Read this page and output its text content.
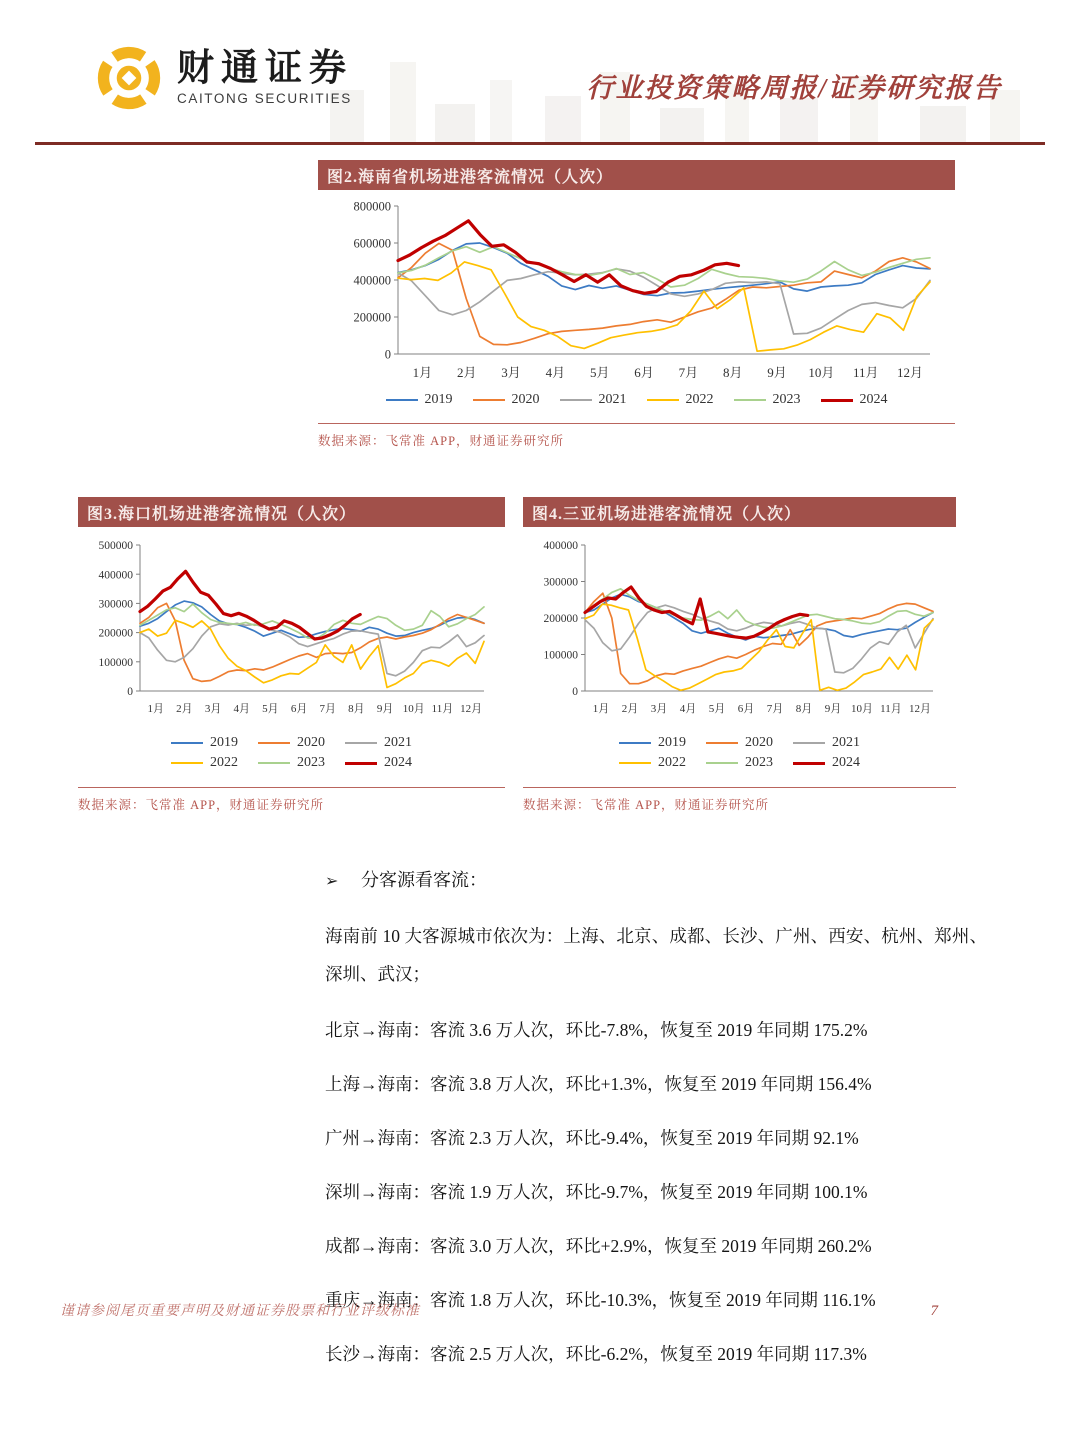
财通证券
CAITONG SECURITIES	行业投资策略周报/证券研究报告
图2.海南省机场进港客流情况（人次）
0
200000
400000
600000
800000
1月 2月 3月 4月 5月 6月 7月 8月 9月 10月 11月 12月
2019	2020	2021	2022	2023	2024
数据来源：飞常准 APP，财通证券研究所
图3.海口机场进港客流情况（人次）
0
100000
200000
300000
400000
500000
1月 2月 3月 4月 5月 6月 7月 8月 9月 10月 11月 12月
2019	2020	2021
2022	2023	2024
数据来源：飞常准 APP，财通证券研究所
图4.三亚机场进港客流情况（人次）
0
100000
200000
300000
400000
1月 2月 3月 4月 5月 6月 7月 8月 9月 10月 11月 12月
2019	2020	2021
2022	2023	2024
数据来源：飞常准 APP，财通证券研究所
➢ 分客源看客流：

海南前 10 大客源城市依次为：上海、北京、成都、长沙、广州、西安、杭州、郑州、深圳、武汉；

北京→海南：客流 3.6 万人次，环比-7.8%，恢复至 2019 年同期 175.2%

上海→海南：客流 3.8 万人次，环比+1.3%，恢复至 2019 年同期 156.4%

广州→海南：客流 2.3 万人次，环比-9.4%，恢复至 2019 年同期 92.1%

深圳→海南：客流 1.9 万人次，环比-9.7%，恢复至 2019 年同期 100.1%

成都→海南：客流 3.0 万人次，环比+2.9%，恢复至 2019 年同期 260.2%

重庆→海南：客流 1.8 万人次，环比-10.3%，恢复至 2019 年同期 116.1%

长沙→海南：客流 2.5 万人次，环比-6.2%，恢复至 2019 年同期 117.3%

谨请参阅尾页重要声明及财通证券股票和行业评级标准	7
